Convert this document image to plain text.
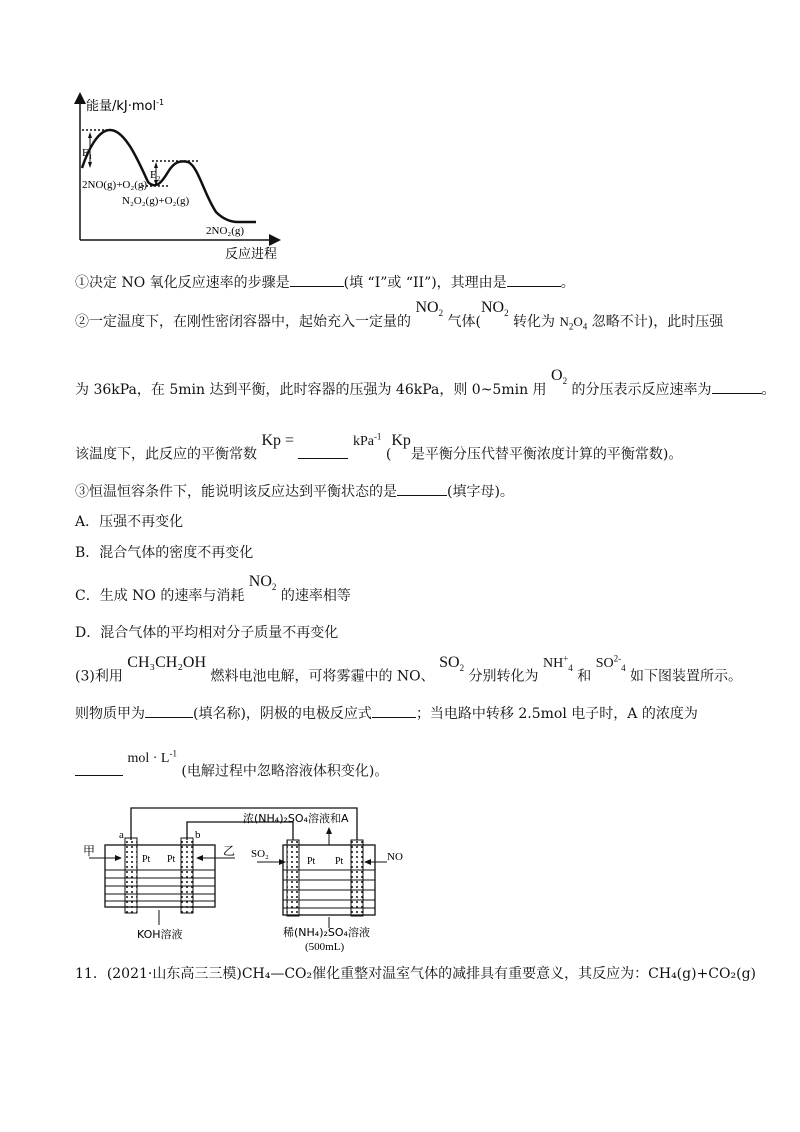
能量/kJ·mol$^{-1}$
反应进程
$E_1$
$E_2$
2NO(g)+O₂(g)
N₂O₂(g)+O₂(g)
2NO₂(g)
①决定 NO 氧化反应速率的步骤是	(填 “I”或 “II”)，其理由是	。
②一定温度下，在刚性密闭容器中，起始充入一定量的 $NO_2$ 气体($NO_2$ 转化为 $N_2O_4$ 忽略不计)，此时压强
为 36kPa，在 5min 达到平衡，此时容器的压强为 46kPa，则 0~5min 用 $O_2$ 的分压表示反应速率为	。
该温度下，此反应的平衡常数 Kp =	kPa$^{-1}$ (Kp是平衡分压代替平衡浓度计算的平衡常数)。
③恒温恒容条件下，能说明该反应达到平衡状态的是	(填字母)。
A．压强不再变化
B．混合气体的密度不再变化
C．生成 NO 的速率与消耗 $NO_2$ 的速率相等
D．混合气体的平均相对分子质量不再变化
(3)利用 CH₃CH₂OH 燃料电池电解，可将雾霾中的 NO、 $SO_2$ 分别转化为 $NH^+_4$ 和 $SO^{2-}_4$ 如下图装置所示。
则物质甲为	(填名称)，阴极的电极反应式	；当电路中转移 2.5mol 电子时，A 的浓度为
mol · $L^{-1}$ (电解过程中忽略溶液体积变化)。
a	b
Pt Pt
甲	乙
KOH溶液
Pt Pt
浓(NH₄)₂SO₄溶液和A
SO₂	NO
稀(NH₄)₂SO₄溶液
(500mL)
11．(2021·山东高三三模)CH₄—CO₂催化重整对温室气体的减排具有重要意义，其反应为：CH₄(g)+CO₂(g)
